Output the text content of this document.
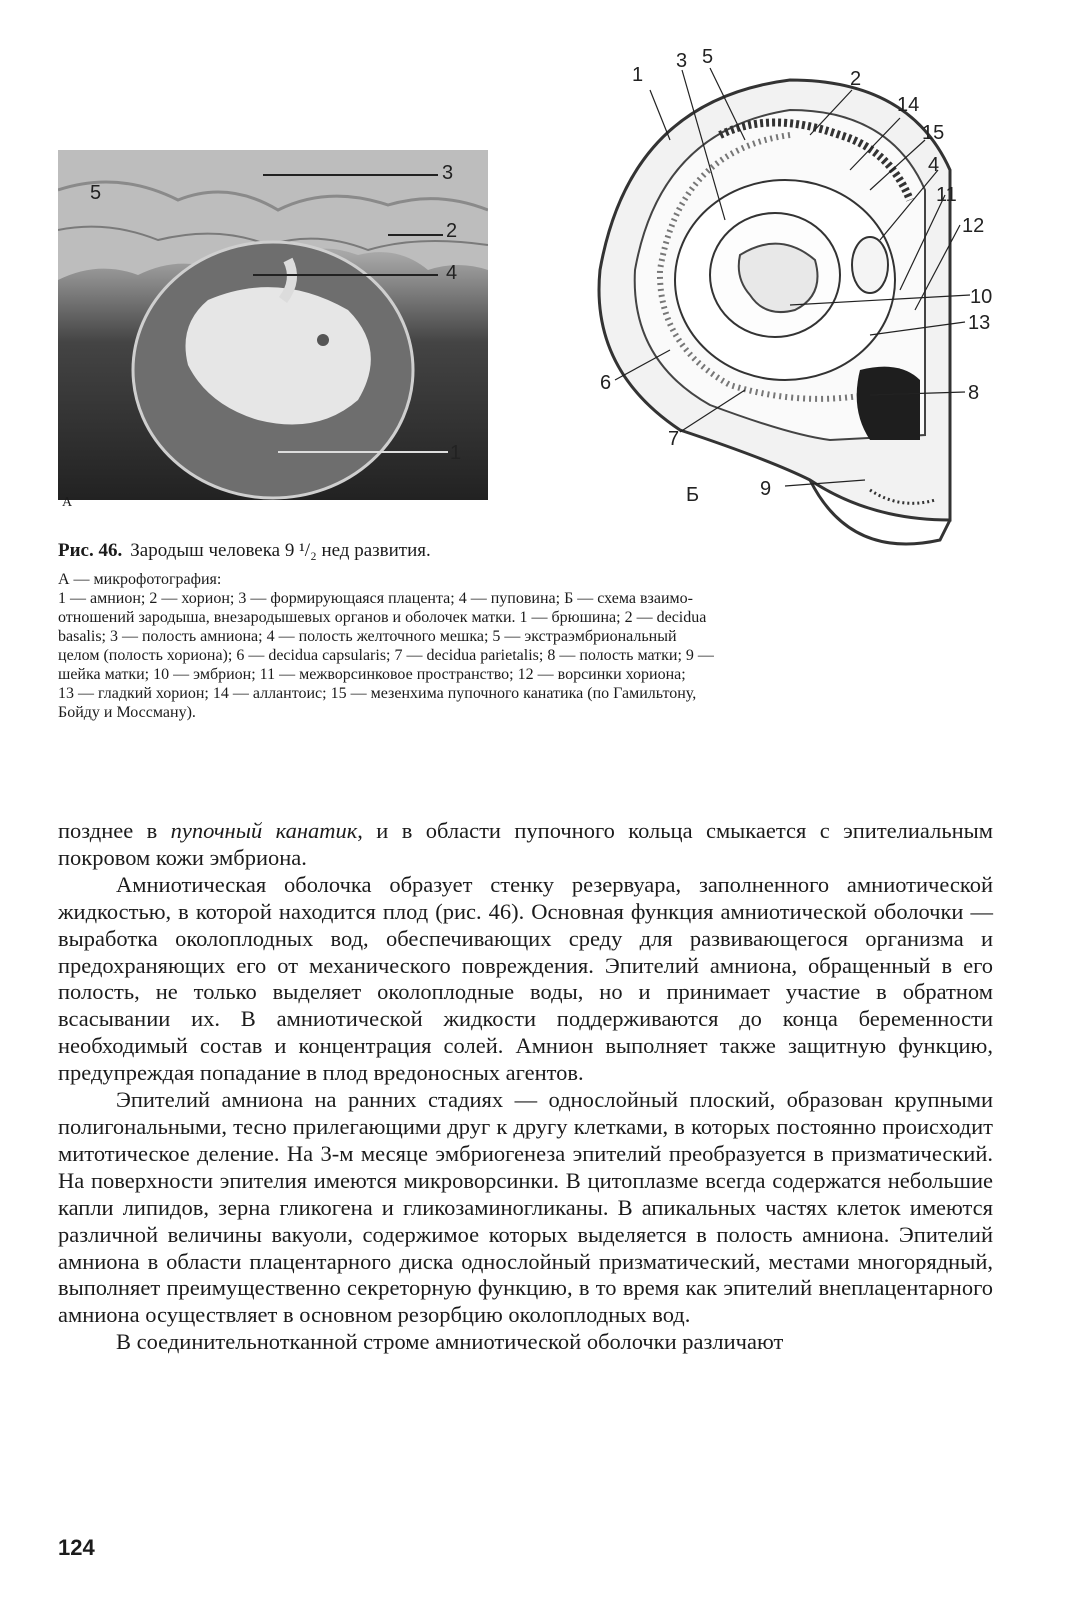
5
3
2
4
1
А
1
3 5
2
14
15
4
11
12
10
13
6	8
7
9
Б
Рис. 46. Зародыш человека 9 ¹/₂ нед развития.
А — микрофотография:
1 — амнион; 2 — хорион; 3 — формирующаяся плацента; 4 — пуповина; Б — схема взаимо-
отношений зародыша, внезародышевых органов и оболочек матки. 1 — брюшина; 2 — decidua
basalis; 3 — полость амниона; 4 — полость желточного мешка; 5 — экстраэмбриональный
целом (полость хориона); 6 — decidua capsularis; 7 — decidua parietalis; 8 — полость матки; 9 —
шейка матки; 10 — эмбрион; 11 — межворсинковое пространство; 12 — ворсинки хориона;
13 — гладкий хорион; 14 — аллантоис; 15 — мезенхима пупочного канатика (по Гамильтону,
Бойду и Моссману).

позднее в пупочный канатик, и в области пупочного кольца смыкается с эпителиальным покровом кожи эмбриона.

Амниотическая оболочка образует стенку резервуара, заполненного амниотической жидкостью, в которой находится плод (рис. 46). Основная функция амниотической оболочки — выработка околоплодных вод, обеспечивающих среду для развивающегося организма и предохраняющих его от механического повреждения. Эпителий амниона, обращенный в его полость, не только выделяет околоплодные воды, но и принимает участие в обратном всасывании их. В амниотической жидкости поддерживаются до конца беременности необходимый состав и концентрация солей. Амнион выполняет также защитную функцию, предупреждая попадание в плод вредоносных агентов.

Эпителий амниона на ранних стадиях — однослойный плоский, образован крупными полигональными, тесно прилегающими друг к другу клетками, в которых постоянно происходит митотическое деление. На 3-м месяце эмбриогенеза эпителий преобразуется в призматический. На поверхности эпителия имеются микроворсинки. В цитоплазме всегда содержатся небольшие капли липидов, зерна гликогена и гликозаминогликаны. В апикальных частях клеток имеются различной величины вакуоли, содержимое которых выделяется в полость амниона. Эпителий амниона в области плацентарного диска однослойный призматический, местами многорядный, выполняет преимущественно секреторную функцию, в то время как эпителий внеплацентарного амниона осуществляет в основном резорбцию околоплодных вод.

В соединительнотканной строме амниотической оболочки различают

124
